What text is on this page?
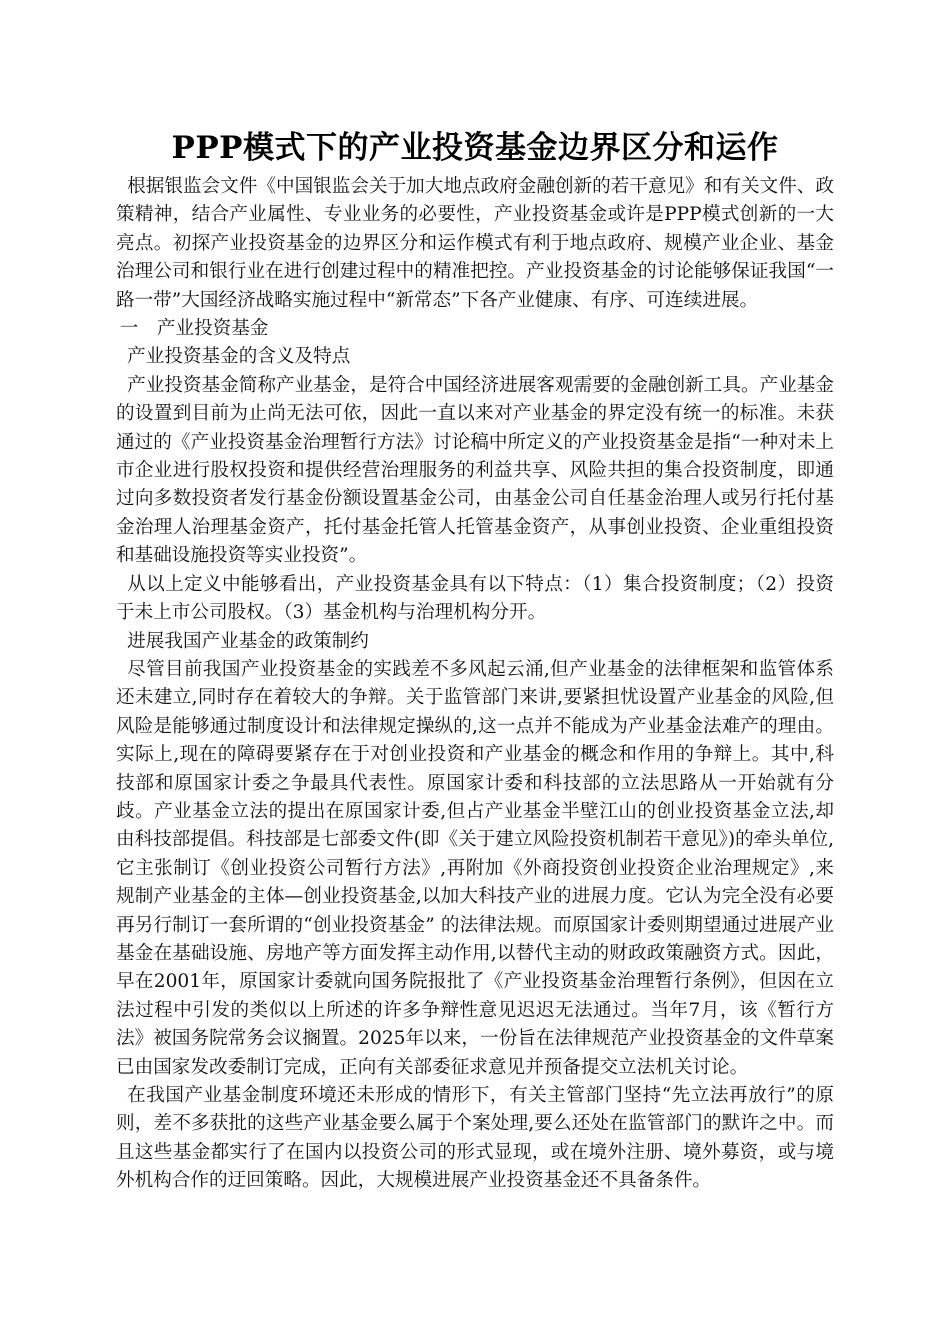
PPP模式下的产业投资基金边界区分和运作

根据银监会文件《中国银监会关于加大地点政府金融创新的若干意见》和有关文件、政策精神，结合产业属性、专业业务的必要性，产业投资基金或许是PPP模式创新的一大亮点。初探产业投资基金的边界区分和运作模式有利于地点政府、规模产业企业、基金治理公司和银行业在进行创建过程中的精准把控。产业投资基金的讨论能够保证我国“一路一带”大国经济战略实施过程中“新常态”下各产业健康、有序、可连续进展。

一　产业投资基金

产业投资基金的含义及特点

产业投资基金简称产业基金，是符合中国经济进展客观需要的金融创新工具。产业基金的设置到目前为止尚无法可依，因此一直以来对产业基金的界定没有统一的标准。未获通过的《产业投资基金治理暂行方法》讨论稿中所定义的产业投资基金是指“一种对未上市企业进行股权投资和提供经营治理服务的利益共享、风险共担的集合投资制度，即通过向多数投资者发行基金份额设置基金公司，由基金公司自任基金治理人或另行托付基金治理人治理基金资产，托付基金托管人托管基金资产，从事创业投资、企业重组投资和基础设施投资等实业投资”。

从以上定义中能够看出，产业投资基金具有以下特点：（1）集合投资制度；（2）投资于未上市公司股权。（3）基金机构与治理机构分开。

进展我国产业基金的政策制约

尽管目前我国产业投资基金的实践差不多风起云涌,但产业基金的法律框架和监管体系还未建立,同时存在着较大的争辩。关于监管部门来讲,要紧担忧设置产业基金的风险,但风险是能够通过制度设计和法律规定操纵的,这一点并不能成为产业基金法难产的理由。实际上,现在的障碍要紧存在于对创业投资和产业基金的概念和作用的争辩上。其中,科技部和原国家计委之争最具代表性。原国家计委和科技部的立法思路从一开始就有分歧。产业基金立法的提出在原国家计委,但占产业基金半壁江山的创业投资基金立法,却由科技部提倡。科技部是七部委文件(即《关于建立风险投资机制若干意见》)的牵头单位,它主张制订《创业投资公司暂行方法》,再附加《外商投资创业投资企业治理规定》,来规制产业基金的主体—创业投资基金,以加大科技产业的进展力度。它认为完全没有必要再另行制订一套所谓的“创业投资基金” 的法律法规。而原国家计委则期望通过进展产业基金在基础设施、房地产等方面发挥主动作用,以替代主动的财政政策融资方式。因此，早在2001年，原国家计委就向国务院报批了《产业投资基金治理暂行条例》，但因在立法过程中引发的类似以上所述的许多争辩性意见迟迟无法通过。当年7月，该《暂行方法》被国务院常务会议搁置。2025年以来，一份旨在法律规范产业投资基金的文件草案已由国家发改委制订完成，正向有关部委征求意见并预备提交立法机关讨论。

在我国产业基金制度环境还未形成的情形下，有关主管部门坚持“先立法再放行”的原则，差不多获批的这些产业基金要么属于个案处理,要么还处在监管部门的默许之中。而且这些基金都实行了在国内以投资公司的形式显现，或在境外注册、境外募资，或与境外机构合作的迂回策略。因此，大规模进展产业投资基金还不具备条件。
